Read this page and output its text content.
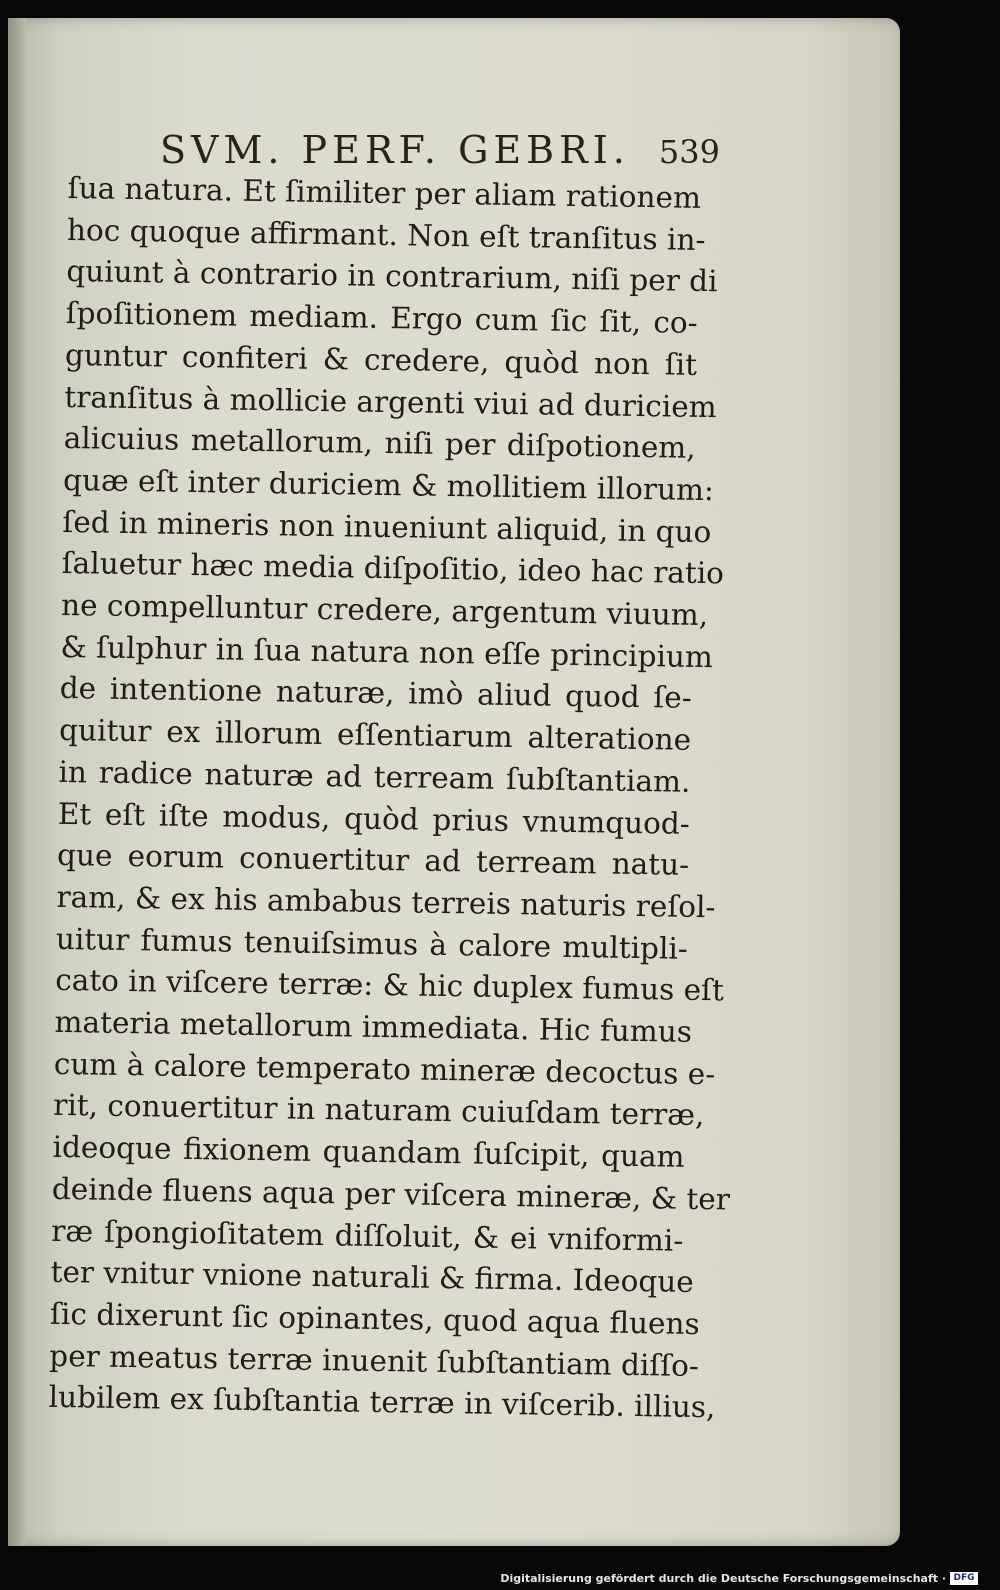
SVM. PERF. GEBRI. 539
ſua natura. Et ſimiliter per aliam rationem
hoc quoque affirmant. Non eſt tranſitus in-
quiunt à contrario in contrarium, niſi per di
ſpoſitionem mediam. Ergo cum ſic ſit, co-
guntur confiteri & credere, quòd non ſit
tranſitus à mollicie argenti viui ad duriciem
alicuius metallorum, niſi per diſpotionem,
quæ eſt inter duriciem & mollitiem illorum:
ſed in mineris non inueniunt aliquid, in quo
ſaluetur hæc media diſpoſitio, ideo hac ratio
ne compelluntur credere, argentum viuum,
& ſulphur in ſua natura non eſſe principium
de intentione naturæ, imò aliud quod ſe-
quitur ex illorum eſſentiarum alteratione
in radice naturæ ad terream ſubſtantiam.
Et eſt iſte modus, quòd prius vnumquod-
que eorum conuertitur ad terream natu-
ram, & ex his ambabus terreis naturis reſol-
uitur fumus tenuiſsimus à calore multipli-
cato in viſcere terræ: & hic duplex fumus eſt
materia metallorum immediata. Hic fumus
cum à calore temperato mineræ decoctus e-
rit, conuertitur in naturam cuiuſdam terræ,
ideoque fixionem quandam ſuſcipit, quam
deinde fluens aqua per viſcera mineræ, & ter
ræ ſpongioſitatem diſſoluit, & ei vniformi-
ter vnitur vnione naturali & firma. Ideoque
ſic dixerunt ſic opinantes, quod aqua fluens
per meatus terræ inuenit ſubſtantiam diſſo-
lubilem ex ſubſtantia terræ in viſcerib. illius,
Digitalisierung gefördert durch die Deutsche Forschungsgemeinschaft · DFG
